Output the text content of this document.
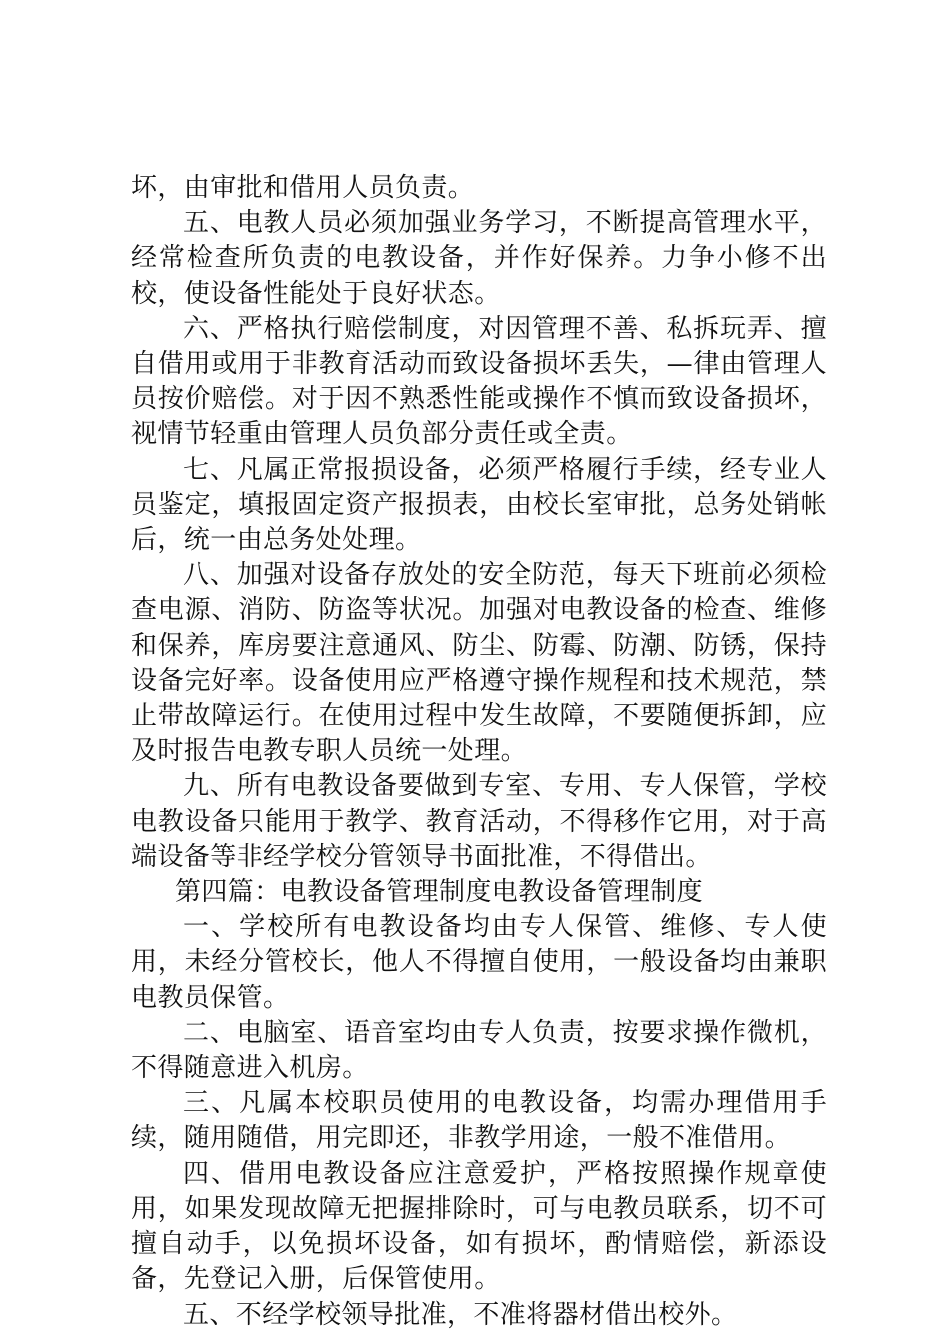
坏，由审批和借用人员负责。

五、电教人员必须加强业务学习，不断提高管理水平，经常检查所负责的电教设备，并作好保养。力争小修不出校，使设备性能处于良好状态。

六、严格执行赔偿制度，对因管理不善、私拆玩弄、擅自借用或用于非教育活动而致设备损坏丢失，—律由管理人员按价赔偿。对于因不熟悉性能或操作不慎而致设备损坏，视情节轻重由管理人员负部分责任或全责。

七、凡属正常报损设备，必须严格履行手续，经专业人员鉴定，填报固定资产报损表，由校长室审批，总务处销帐后，统一由总务处处理。

八、加强对设备存放处的安全防范，每天下班前必须检查电源、消防、防盗等状况。加强对电教设备的检查、维修和保养，库房要注意通风、防尘、防霉、防潮、防锈，保持设备完好率。设备使用应严格遵守操作规程和技术规范，禁止带故障运行。在使用过程中发生故障，不要随便拆卸，应及时报告电教专职人员统一处理。

九、所有电教设备要做到专室、专用、专人保管，学校电教设备只能用于教学、教育活动，不得移作它用，对于高端设备等非经学校分管领导书面批准，不得借出。

第四篇：电教设备管理制度电教设备管理制度

一、学校所有电教设备均由专人保管、维修、专人使用，未经分管校长，他人不得擅自使用，一般设备均由兼职电教员保管。

二、电脑室、语音室均由专人负责，按要求操作微机，不得随意进入机房。

三、凡属本校职员使用的电教设备，均需办理借用手续，随用随借，用完即还，非教学用途，一般不准借用。

四、借用电教设备应注意爱护，严格按照操作规章使用，如果发现故障无把握排除时，可与电教员联系，切不可擅自动手，以免损坏设备，如有损坏，酌情赔偿，新添设备，先登记入册，后保管使用。

五、不经学校领导批准，不准将器材借出校外。
